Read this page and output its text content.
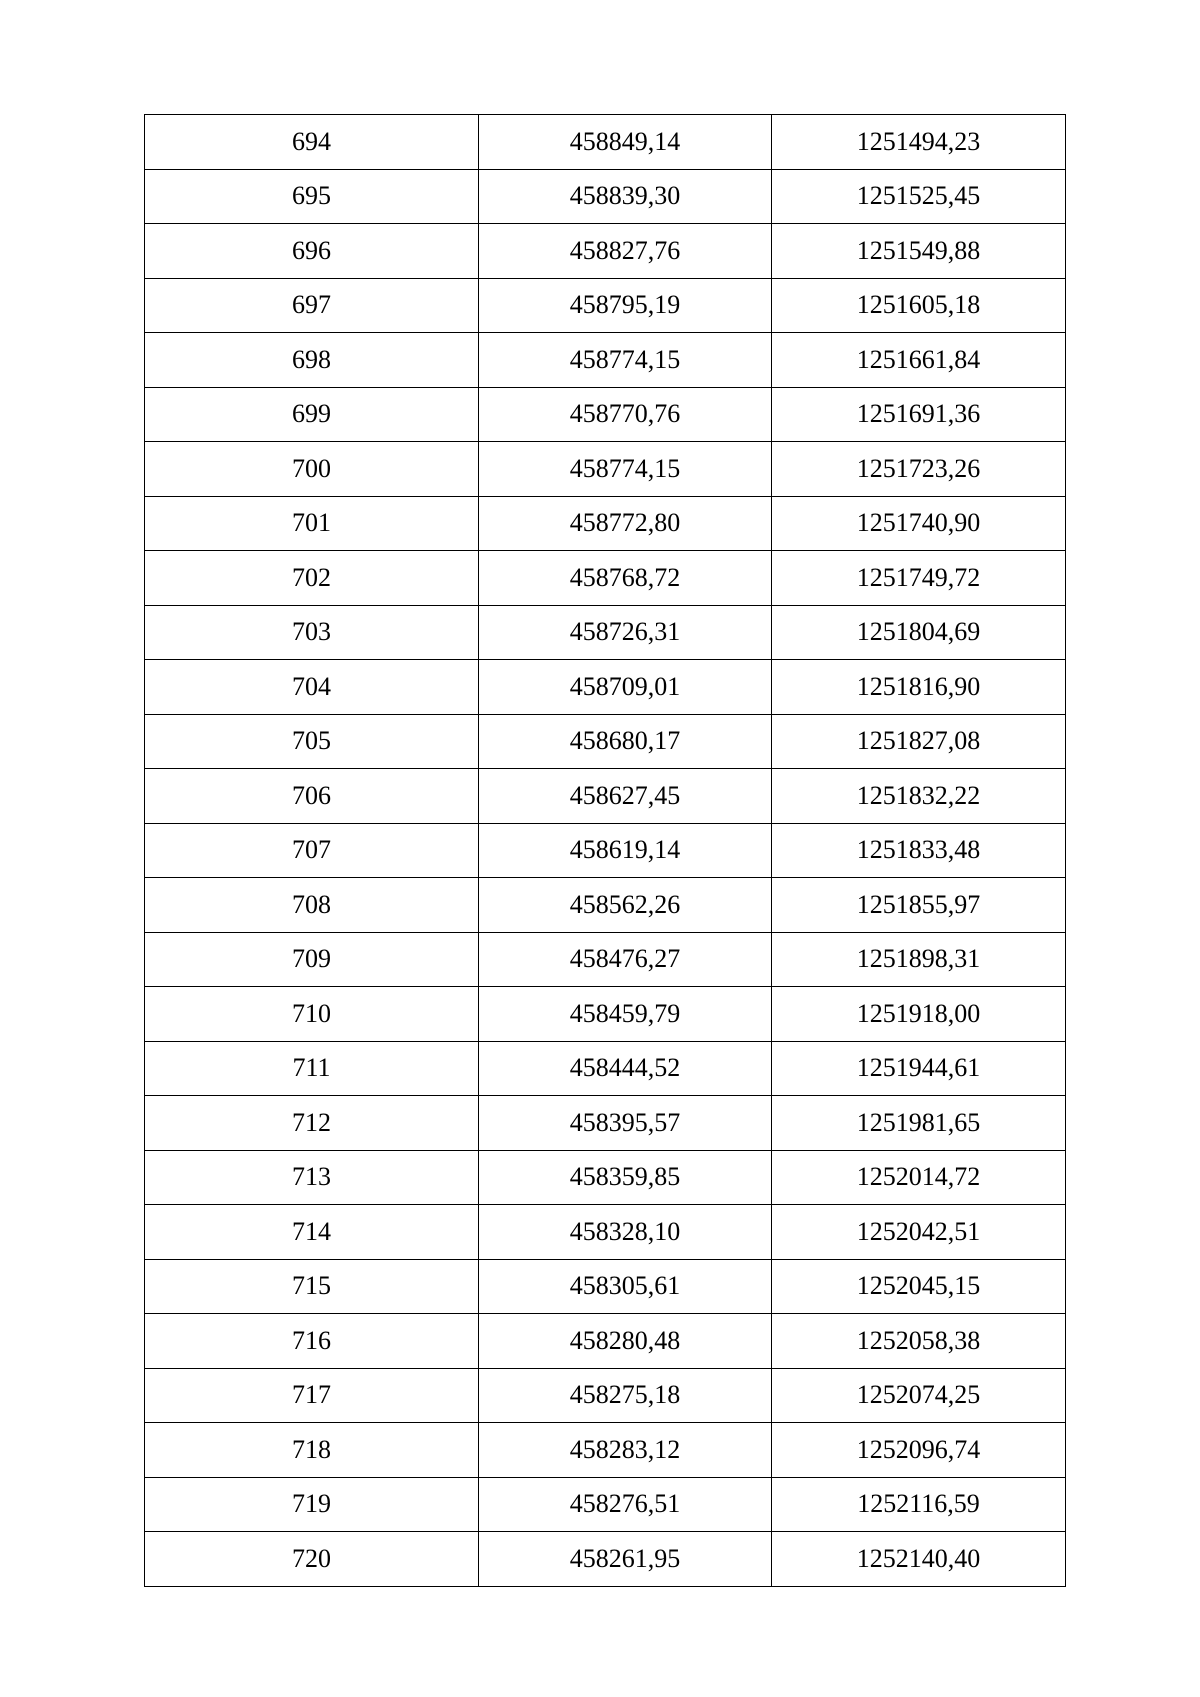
694	458849,14	1251494,23
695	458839,30	1251525,45
696	458827,76	1251549,88
697	458795,19	1251605,18
698	458774,15	1251661,84
699	458770,76	1251691,36
700	458774,15	1251723,26
701	458772,80	1251740,90
702	458768,72	1251749,72
703	458726,31	1251804,69
704	458709,01	1251816,90
705	458680,17	1251827,08
706	458627,45	1251832,22
707	458619,14	1251833,48
708	458562,26	1251855,97
709	458476,27	1251898,31
710	458459,79	1251918,00
711	458444,52	1251944,61
712	458395,57	1251981,65
713	458359,85	1252014,72
714	458328,10	1252042,51
715	458305,61	1252045,15
716	458280,48	1252058,38
717	458275,18	1252074,25
718	458283,12	1252096,74
719	458276,51	1252116,59
720	458261,95	1252140,40
